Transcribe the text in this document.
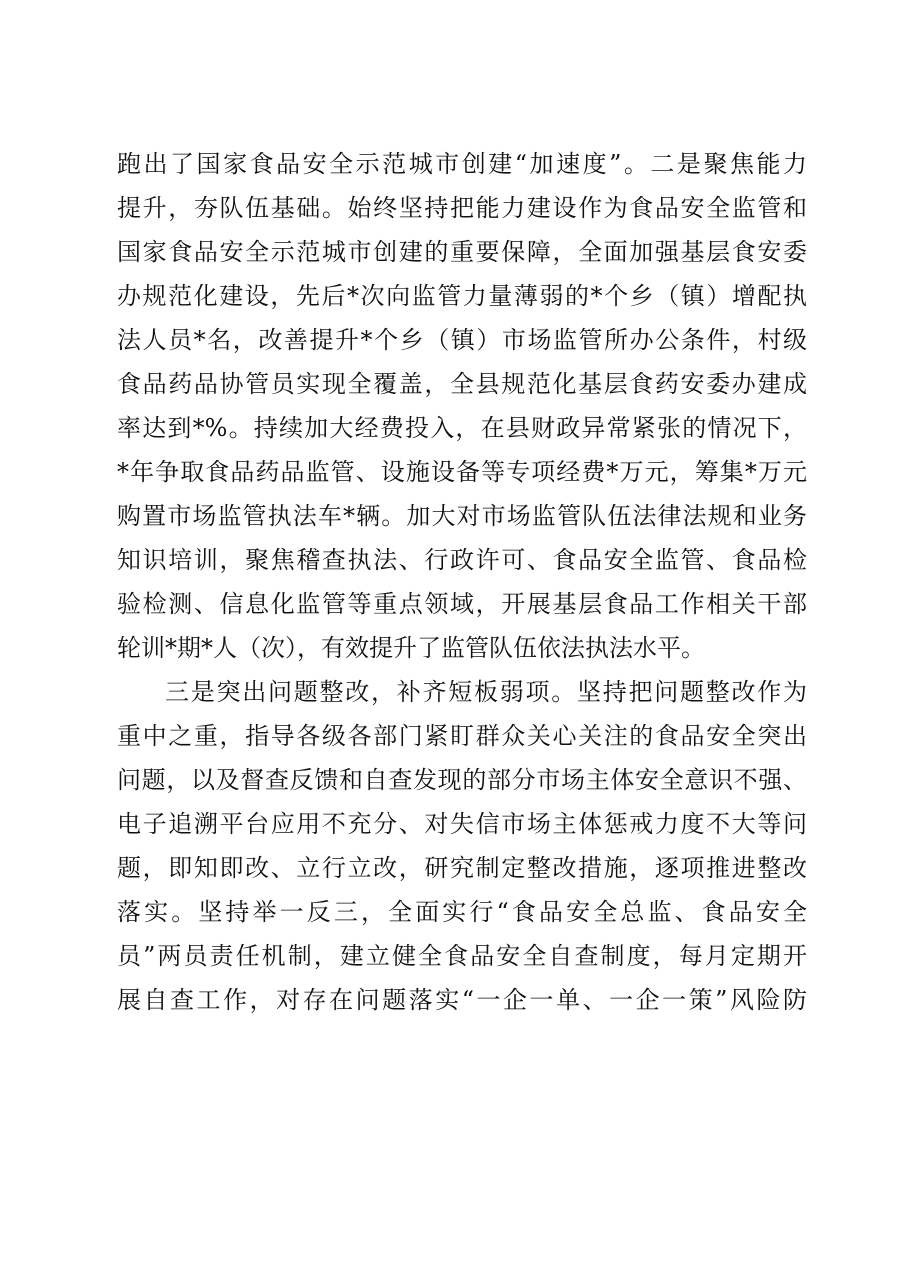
跑出了国家食品安全示范城市创建“加速度”。二是聚焦能力
提升，夯队伍基础。始终坚持把能力建设作为食品安全监管和
国家食品安全示范城市创建的重要保障，全面加强基层食安委
办规范化建设，先后*次向监管力量薄弱的*个乡（镇）增配执
法人员*名，改善提升*个乡（镇）市场监管所办公条件，村级
食品药品协管员实现全覆盖，全县规范化基层食药安委办建成
率达到*%。持续加大经费投入，在县财政异常紧张的情况下，
*年争取食品药品监管、设施设备等专项经费*万元，筹集*万元
购置市场监管执法车*辆。加大对市场监管队伍法律法规和业务
知识培训，聚焦稽查执法、行政许可、食品安全监管、食品检
验检测、信息化监管等重点领域，开展基层食品工作相关干部
轮训*期*人（次），有效提升了监管队伍依法执法水平。
三是突出问题整改，补齐短板弱项。坚持把问题整改作为
重中之重，指导各级各部门紧盯群众关心关注的食品安全突出
问题，以及督查反馈和自查发现的部分市场主体安全意识不强、
电子追溯平台应用不充分、对失信市场主体惩戒力度不大等问
题，即知即改、立行立改，研究制定整改措施，逐项推进整改
落实。坚持举一反三，全面实行“食品安全总监、食品安全
员”两员责任机制，建立健全食品安全自查制度，每月定期开
展自查工作，对存在问题落实“一企一单、一企一策”风险防
